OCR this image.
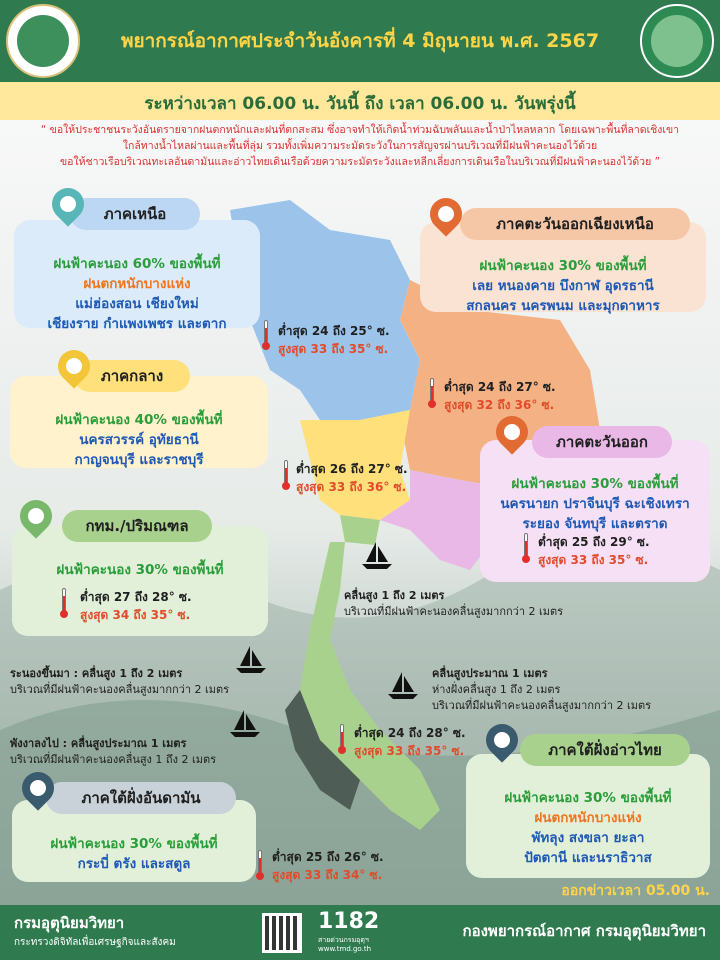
พยากรณ์อากาศประจำวันอังคารที่ 4 มิถุนายน พ.ศ. 2567
ระหว่างเวลา 06.00 น. วันนี้ ถึง เวลา 06.00 น. วันพรุ่งนี้
“ ขอให้ประชาชนระวังอันตรายจากฝนตกหนักและฝนที่ตกสะสม ซึ่งอาจทำให้เกิดน้ำท่วมฉับพลันและน้ำป่าไหลหลาก โดยเฉพาะพื้นที่ลาดเชิงเขา
ใกล้ทางน้ำไหลผ่านและพื้นที่ลุ่ม รวมทั้งเพิ่มความระมัดระวังในการสัญจรผ่านบริเวณที่มีฝนฟ้าคะนองไว้ด้วย
ขอให้ชาวเรือบริเวณทะเลอันดามันและอ่าวไทยเดินเรือด้วยความระมัดระวังและหลีกเลี่ยงการเดินเรือในบริเวณที่มีฝนฟ้าคะนองไว้ด้วย ”
ฝนฟ้าคะนอง 60% ของพื้นที่
ฝนตกหนักบางแห่ง
แม่ฮ่องสอน เชียงใหม่
เชียงราย กำแพงเพชร และตาก
ภาคเหนือ
ต่ำสุด 24 ถึง 25° ซ.
สูงสุด 33 ถึง 35° ซ.
ฝนฟ้าคะนอง 30% ของพื้นที่
เลย หนองคาย บึงกาฬ อุดรธานี
สกลนคร นครพนม และมุกดาหาร
ภาคตะวันออกเฉียงเหนือ
ต่ำสุด 24 ถึง 27° ซ.
สูงสุด 32 ถึง 36° ซ.
ฝนฟ้าคะนอง 40% ของพื้นที่
นครสวรรค์ อุทัยธานี
กาญจนบุรี และราชบุรี
ภาคกลาง
ต่ำสุด 26 ถึง 27° ซ.
สูงสุด 33 ถึง 36° ซ.	ฝนฟ้าคะนอง 30% ของพื้นที่
นครนายก ปราจีนบุรี ฉะเชิงเทรา
ระยอง จันทบุรี และตราด
ภาคตะวันออก
ต่ำสุด 25 ถึง 29° ซ.
สูงสุด 33 ถึง 35° ซ.
ฝนฟ้าคะนอง 30% ของพื้นที่
กทม./ปริมณฑล
ต่ำสุด 27 ถึง 28° ซ.
สูงสุด 34 ถึง 35° ซ.
คลื่นสูง 1 ถึง 2 เมตร
บริเวณที่มีฝนฟ้าคะนองคลื่นสูงมากกว่า 2 เมตร
ระนองขึ้นมา : คลื่นสูง 1 ถึง 2 เมตร
บริเวณที่มีฝนฟ้าคะนองคลื่นสูงมากกว่า 2 เมตร
คลื่นสูงประมาณ 1 เมตร
ห่างฝั่งคลื่นสูง 1 ถึง 2 เมตร
บริเวณที่มีฝนฟ้าคะนองคลื่นสูงมากกว่า 2 เมตร
พังงาลงไป : คลื่นสูงประมาณ 1 เมตร
บริเวณที่มีฝนฟ้าคะนองคลื่นสูง 1 ถึง 2 เมตร
ต่ำสุด 24 ถึง 28° ซ.
สูงสุด 33 ถึง 35° ซ.
ฝนฟ้าคะนอง 30% ของพื้นที่
ฝนตกหนักบางแห่ง
พัทลุง สงขลา ยะลา
ปัตตานี และนราธิวาส
ภาคใต้ฝั่งอ่าวไทย
ฝนฟ้าคะนอง 30% ของพื้นที่
กระบี่ ตรัง และสตูล
ภาคใต้ฝั่งอันดามัน
ต่ำสุด 25 ถึง 26° ซ.
สูงสุด 33 ถึง 34° ซ.
ออกข่าวเวลา 05.00 น.
กรมอุตุนิยมวิทยา
กระทรวงดิจิทัลเพื่อเศรษฐกิจและสังคม
1182
สายด่วนกรมอุตุฯ
www.tmd.go.th
กองพยากรณ์อากาศ กรมอุตุนิยมวิทยา
